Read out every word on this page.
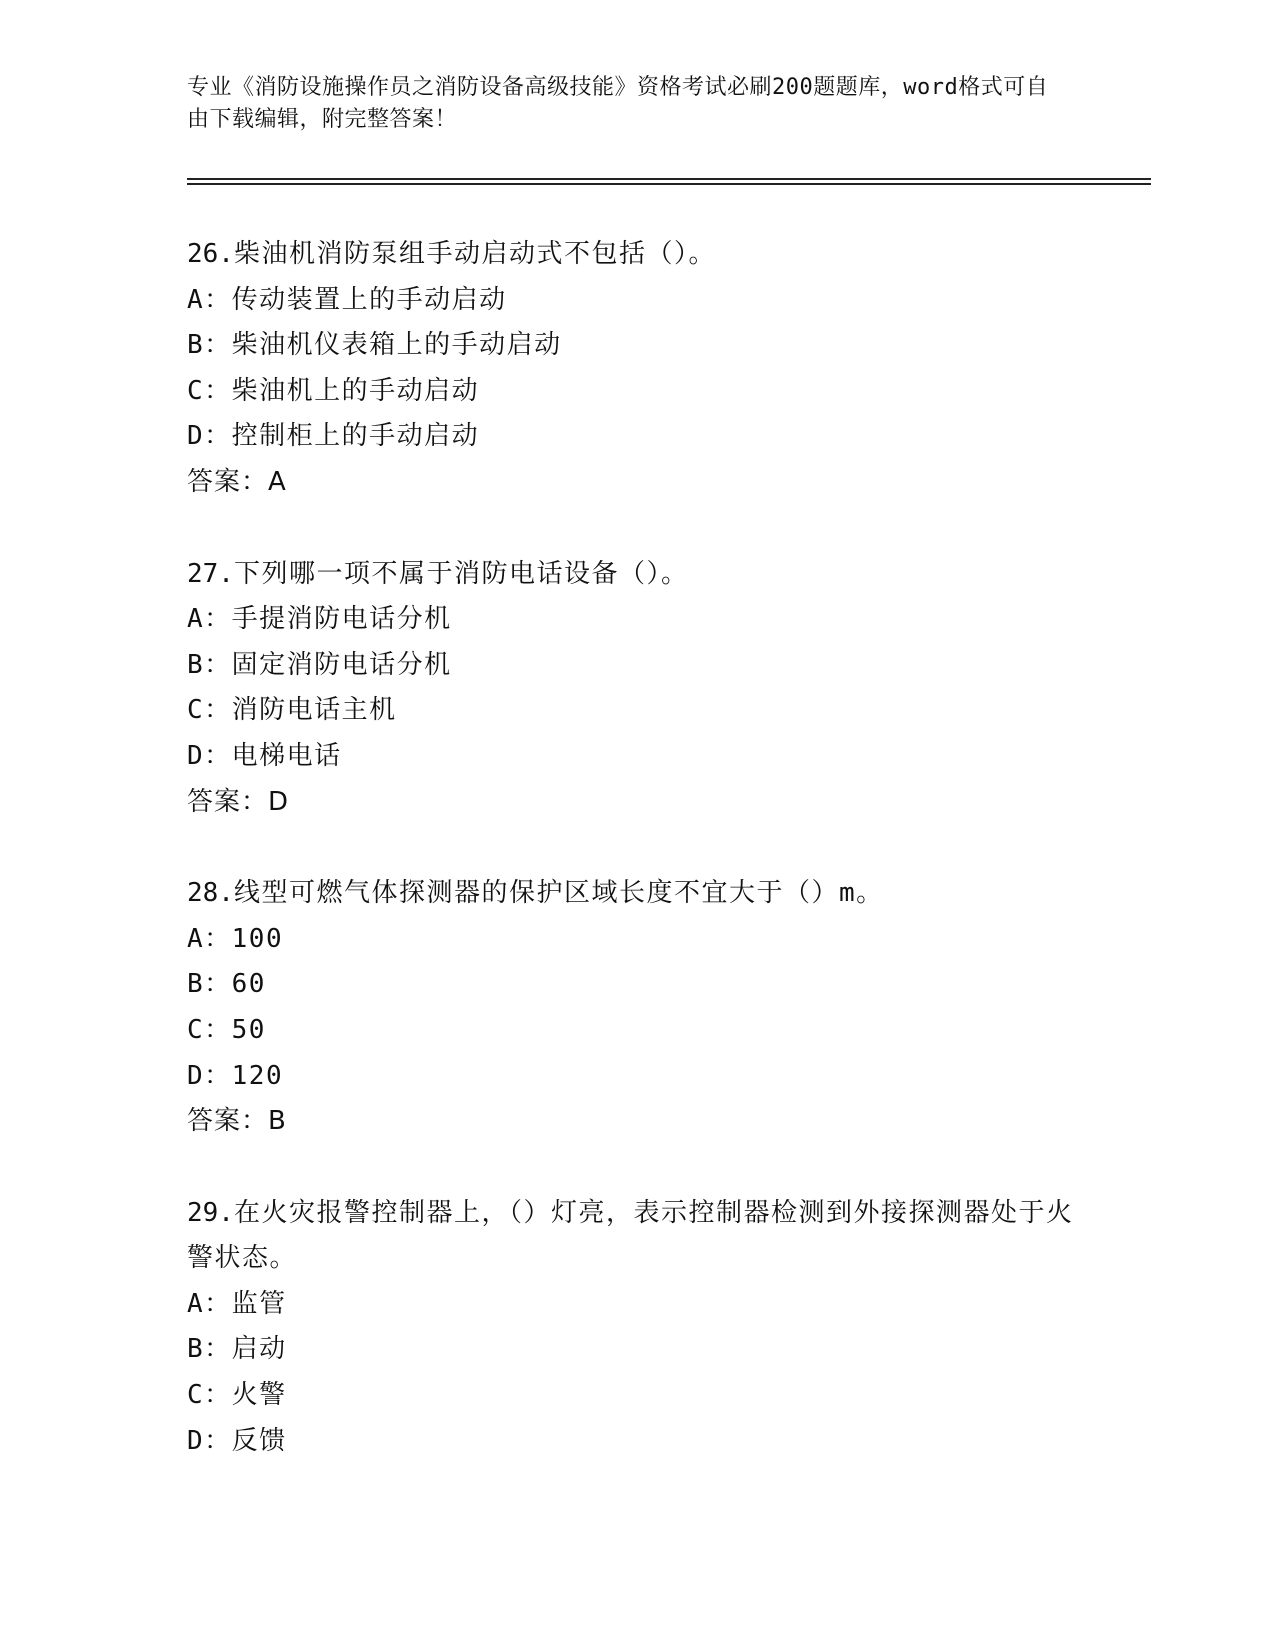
专业《消防设施操作员之消防设备高级技能》资格考试必刷200题题库，word格式可自由下载编辑，附完整答案！
26.柴油机消防泵组手动启动式不包括（）。
A：传动装置上的手动启动
B：柴油机仪表箱上的手动启动
C：柴油机上的手动启动
D：控制柜上的手动启动
答案：A
27.下列哪一项不属于消防电话设备（）。
A：手提消防电话分机
B：固定消防电话分机
C：消防电话主机
D：电梯电话
答案：D
28.线型可燃气体探测器的保护区域长度不宜大于（）m。
A：100
B：60
C：50
D：120
答案：B
29.在火灾报警控制器上，（）灯亮，表示控制器检测到外接探测器处于火警状态。
A：监管
B：启动
C：火警
D：反馈
